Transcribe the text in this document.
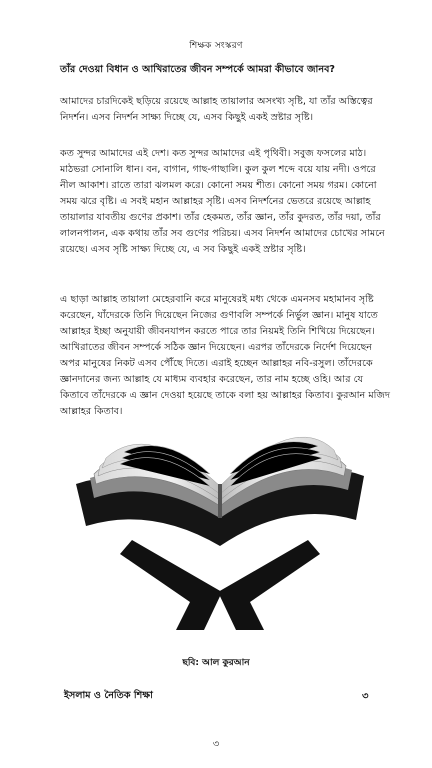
শিক্ষক সংস্করণ
তাঁর দেওয়া বিধান ও আখিরাতের জীবন সম্পর্কে আমরা কীভাবে জানব?

আমাদের চারদিকেই ছড়িয়ে রয়েছে আল্লাহ তায়ালার অসংখ্য সৃষ্টি, যা তাঁর অস্তিত্বের নিদর্শন। এসব নিদর্শন সাক্ষ্য দিচ্ছে যে, এসব কিছুই একই স্রষ্টার সৃষ্টি।

কত সুন্দর আমাদের এই দেশ। কত সুন্দর আমাদের এই পৃথিবী। সবুজ ফসলের মাঠ। মাঠভরা সোনালি ধান। বন, বাগান, গাছ-গাছালি। কুল কুল শব্দে বয়ে যায় নদী। ওপরে নীল আকাশ। রাতে তারা ঝলমল করে। কোনো সময় শীত। কোনো সময় গরম। কোনো সময় ঝরে বৃষ্টি। এ সবই মহান আল্লাহর সৃষ্টি। এসব নিদর্শনের ভেতরে রয়েছে আল্লাহ তায়ালার যাবতীয় গুণের প্রকাশ। তাঁর হেকমত, তাঁর জ্ঞান, তাঁর কুদরত, তাঁর দয়া, তাঁর লালনপালন, এক কথায় তাঁর সব গুণের পরিচয়। এসব নিদর্শন আমাদের চোখের সামনে রয়েছে। এসব সৃষ্টি সাক্ষ্য দিচ্ছে যে, এ সব কিছুই একই স্রষ্টার সৃষ্টি।

এ ছাড়া আল্লাহ তায়ালা মেহেরবানি করে মানুষেরই মধ্য থেকে এমনসব মহামানব সৃষ্টি করেছেন, যাঁদেরকে তিনি দিয়েছেন নিজের গুণাবলি সম্পর্কে নির্ভুল জ্ঞান। মানুষ যাতে আল্লাহর ইচ্ছা অনুযায়ী জীবনযাপন করতে পারে তার নিয়মই তিনি শিখিয়ে দিয়েছেন। আখিরাতের জীবন সম্পর্কে সঠিক জ্ঞান দিয়েছেন। এরপর তাঁদেরকে নির্দেশ দিয়েছেন অপর মানুষের নিকট এসব পৌঁছে দিতে। এরাই হচ্ছেন আল্লাহর নবি-রসুল। তাঁদেরকে জ্ঞানদানের জন্য আল্লাহ যে মাধ্যম ব্যবহার করেছেন, তার নাম হচ্ছে ওহি। আর যে কিতাবে তাঁদেরকে এ জ্ঞান দেওয়া হয়েছে তাকে বলা হয় আল্লাহর কিতাব। কুরআন মজিদ আল্লাহর কিতাব।

ছবি: আল কুরআন
ইসলাম ও নৈতিক শিক্ষা	৩
৩
